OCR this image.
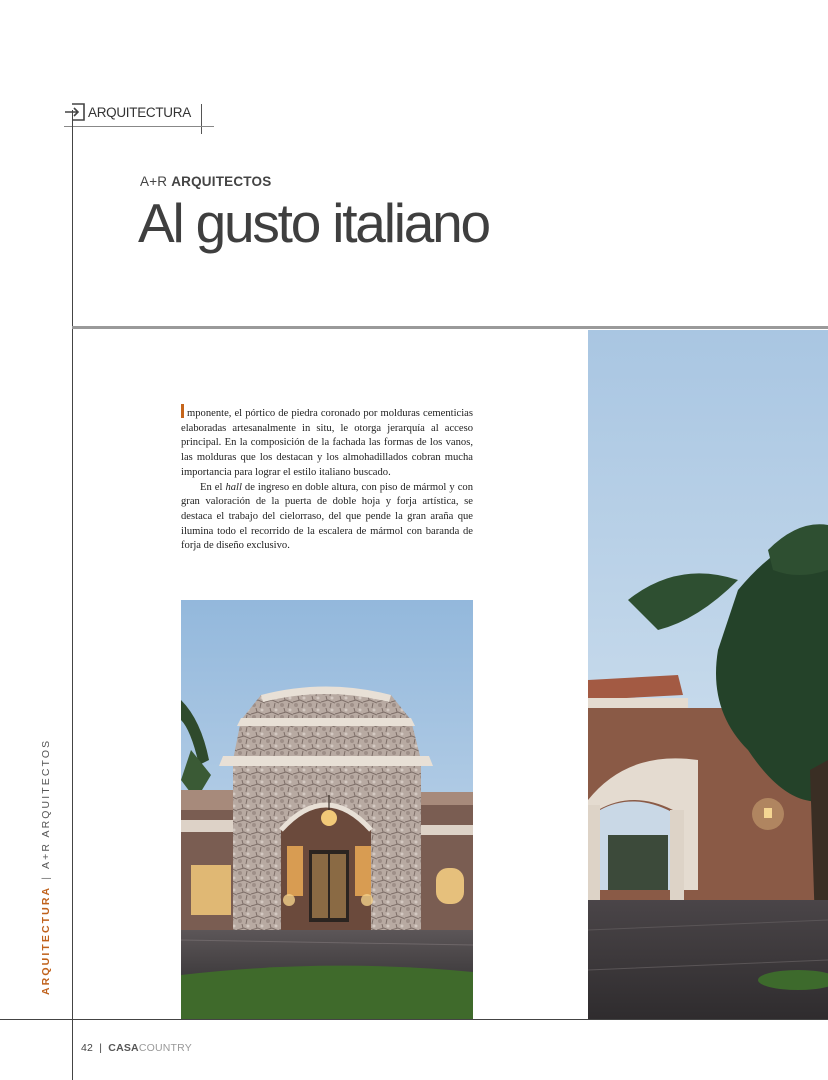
ARQUITECTURA
A+R ARQUITECTOS
Al gusto italiano

mponente, el pórtico de piedra coronado por molduras cementicias elaboradas artesanalmente in situ, le otorga jerarquía al acceso principal. En la composición de la fachada las formas de los vanos, las molduras que los destacan y los almohadillados cobran mucha importancia para lograr el estilo italiano buscado.

En el hall de ingreso en doble altura, con piso de mármol y con gran valoración de la puerta de doble hoja y forja artística, se destaca el trabajo del cielorraso, del que pende la gran araña que ilumina todo el recorrido de la escalera de mármol con baranda de forja de diseño exclusivo.

ARQUITECTURA|A+R ARQUITECTOS
42 | CASACOUNTRY
